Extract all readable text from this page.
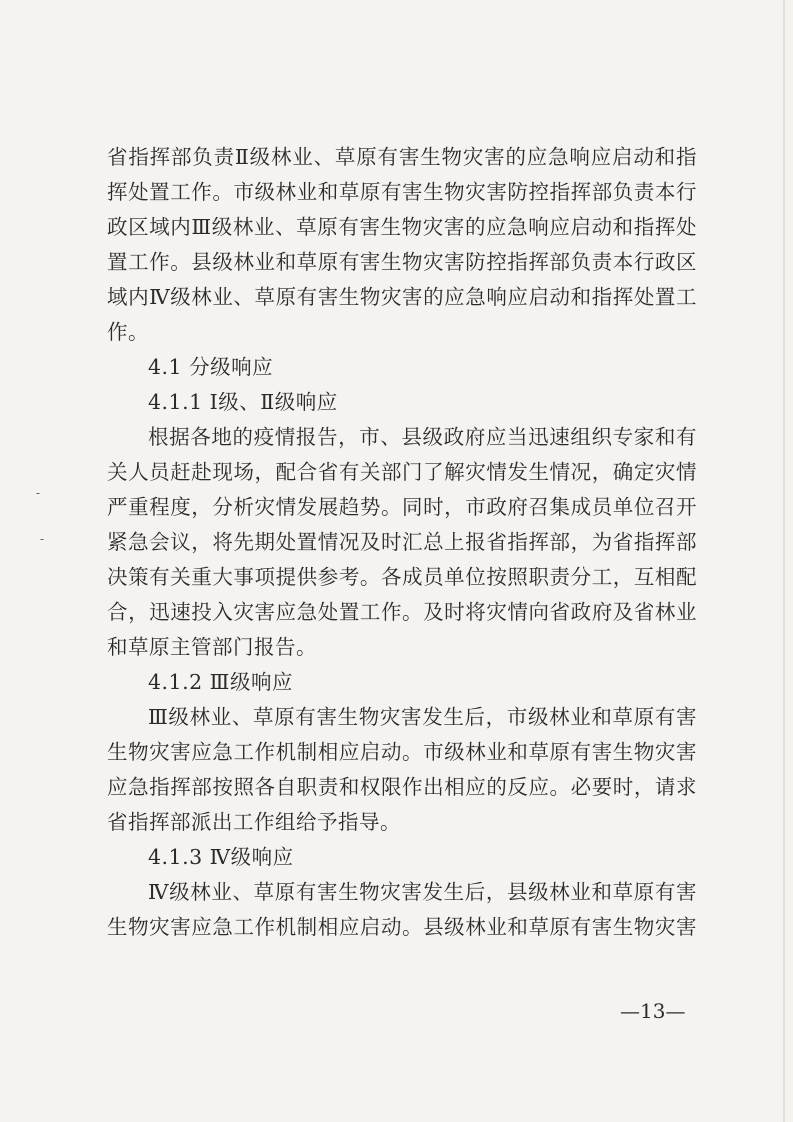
-
-
省指挥部负责Ⅱ级林业、草原有害生物灾害的应急响应启动和指
挥处置工作。市级林业和草原有害生物灾害防控指挥部负责本行
政区域内Ⅲ级林业、草原有害生物灾害的应急响应启动和指挥处
置工作。县级林业和草原有害生物灾害防控指挥部负责本行政区
域内Ⅳ级林业、草原有害生物灾害的应急响应启动和指挥处置工
作。
4.1 分级响应
4.1.1 Ⅰ级、Ⅱ级响应
根据各地的疫情报告，市、县级政府应当迅速组织专家和有
关人员赶赴现场，配合省有关部门了解灾情发生情况，确定灾情
严重程度，分析灾情发展趋势。同时，市政府召集成员单位召开
紧急会议，将先期处置情况及时汇总上报省指挥部，为省指挥部
决策有关重大事项提供参考。各成员单位按照职责分工，互相配
合，迅速投入灾害应急处置工作。及时将灾情向省政府及省林业
和草原主管部门报告。
4.1.2 Ⅲ级响应
Ⅲ级林业、草原有害生物灾害发生后，市级林业和草原有害
生物灾害应急工作机制相应启动。市级林业和草原有害生物灾害
应急指挥部按照各自职责和权限作出相应的反应。必要时，请求
省指挥部派出工作组给予指导。
4.1.3 Ⅳ级响应
Ⅳ级林业、草原有害生物灾害发生后，县级林业和草原有害
生物灾害应急工作机制相应启动。县级林业和草原有害生物灾害
—13—
